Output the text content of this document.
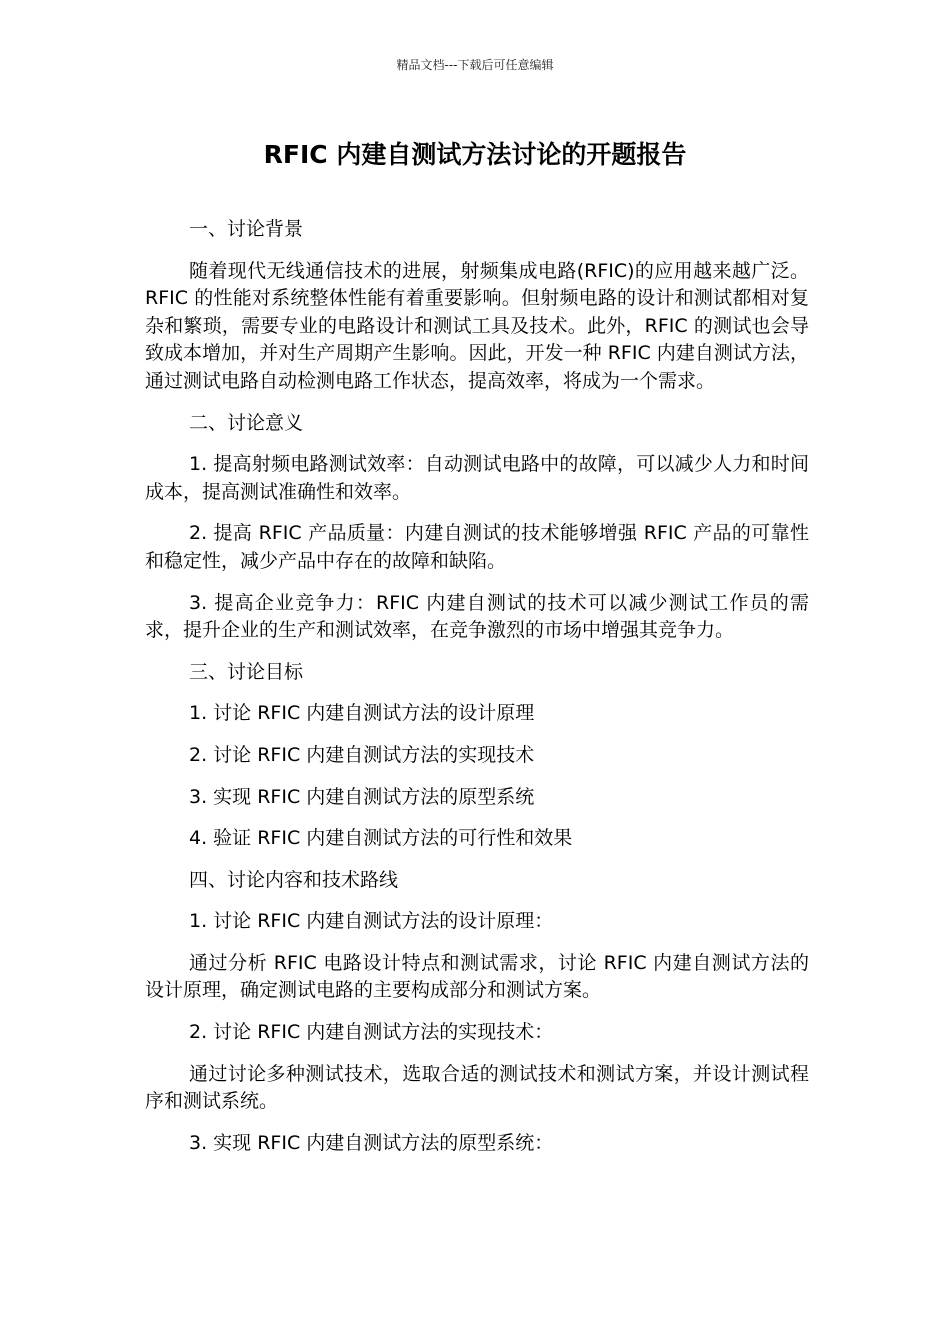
精品文档---下载后可任意编辑
RFIC 内建自测试方法讨论的开题报告

一、讨论背景

随着现代无线通信技术的进展，射频集成电路(RFIC)的应用越来越广泛。RFIC 的性能对系统整体性能有着重要影响。但射频电路的设计和测试都相对复杂和繁琐，需要专业的电路设计和测试工具及技术。此外，RFIC 的测试也会导致成本增加，并对生产周期产生影响。因此，开发一种 RFIC 内建自测试方法，通过测试电路自动检测电路工作状态，提高效率，将成为一个需求。

二、讨论意义

1. 提高射频电路测试效率：自动测试电路中的故障，可以减少人力和时间成本，提高测试准确性和效率。

2. 提高 RFIC 产品质量：内建自测试的技术能够增强 RFIC 产品的可靠性和稳定性，减少产品中存在的故障和缺陷。

3. 提高企业竞争力：RFIC 内建自测试的技术可以减少测试工作员的需求，提升企业的生产和测试效率，在竞争激烈的市场中增强其竞争力。

三、讨论目标

1. 讨论 RFIC 内建自测试方法的设计原理

2. 讨论 RFIC 内建自测试方法的实现技术

3. 实现 RFIC 内建自测试方法的原型系统

4. 验证 RFIC 内建自测试方法的可行性和效果

四、讨论内容和技术路线

1. 讨论 RFIC 内建自测试方法的设计原理：

通过分析 RFIC 电路设计特点和测试需求，讨论 RFIC 内建自测试方法的设计原理，确定测试电路的主要构成部分和测试方案。

2. 讨论 RFIC 内建自测试方法的实现技术：

通过讨论多种测试技术，选取合适的测试技术和测试方案，并设计测试程序和测试系统。

3. 实现 RFIC 内建自测试方法的原型系统：
